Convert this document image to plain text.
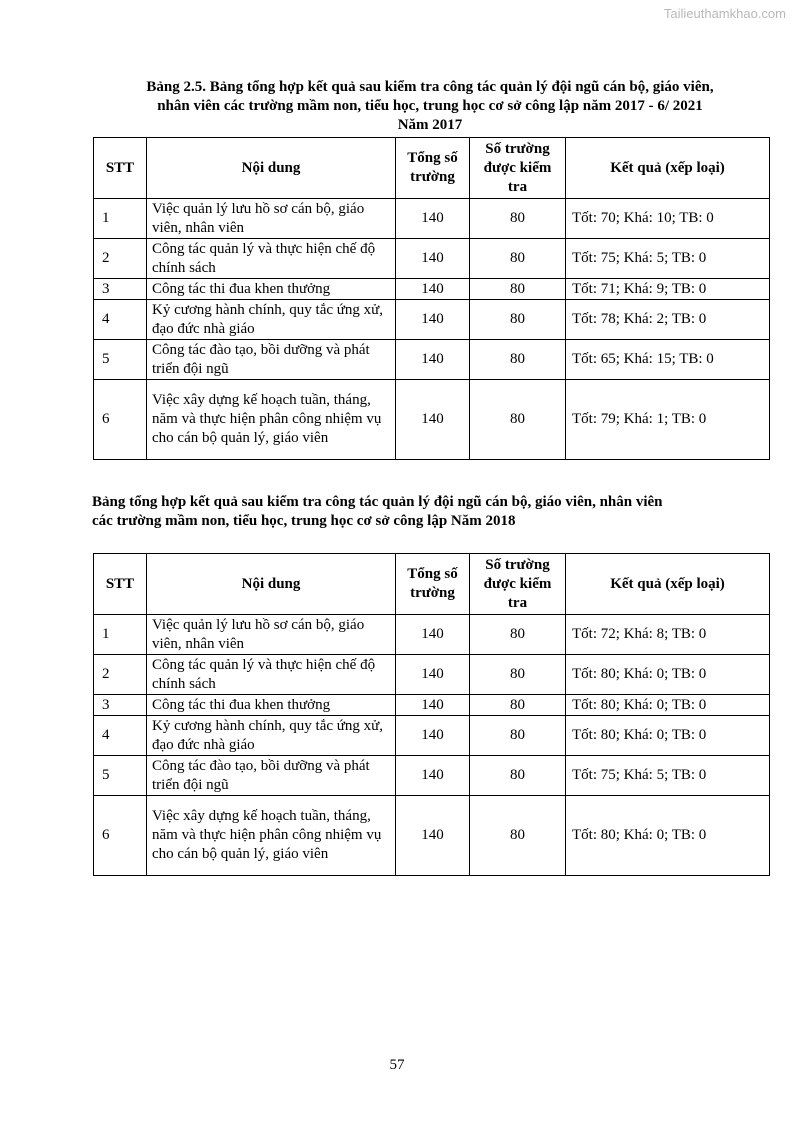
Tailieuthamkhao.com

Bảng 2.5. Bảng tổng hợp kết quả sau kiểm tra công tác quản lý đội ngũ cán bộ, giáo viên,

nhân viên các trường mầm non, tiểu học, trung học cơ sở công lập năm 2017 - 6/ 2021

Năm 2017

STT	Nội dung	Tổng số trường	Số trường được kiểm tra	Kết quả (xếp loại)
1	Việc quản lý lưu hồ sơ cán bộ, giáo viên, nhân viên	140	80	Tốt: 70; Khá: 10; TB: 0
2	Công tác quản lý và thực hiện chế độ chính sách	140	80	Tốt: 75; Khá: 5; TB: 0
3	Công tác thi đua khen thưởng	140	80	Tốt: 71; Khá: 9; TB: 0
4	Kỷ cương hành chính, quy tắc ứng xử, đạo đức nhà giáo	140	80	Tốt: 78; Khá: 2; TB: 0
5	Công tác đào tạo, bồi dưỡng và phát triển đội ngũ	140	80	Tốt: 65; Khá: 15; TB: 0
6	Việc xây dựng kế hoạch tuần, tháng, năm và thực hiện phân công nhiệm vụ cho cán bộ quản lý, giáo viên	140	80	Tốt: 79; Khá: 1; TB: 0

Bảng tổng hợp kết quả sau kiểm tra công tác quản lý đội ngũ cán bộ, giáo viên, nhân viên

các trường mầm non, tiểu học, trung học cơ sở công lập Năm 2018

STT	Nội dung	Tổng số trường	Số trường được kiểm tra	Kết quả (xếp loại)
1	Việc quản lý lưu hồ sơ cán bộ, giáo viên, nhân viên	140	80	Tốt: 72; Khá: 8; TB: 0
2	Công tác quản lý và thực hiện chế độ chính sách	140	80	Tốt: 80; Khá: 0; TB: 0
3	Công tác thi đua khen thưởng	140	80	Tốt: 80; Khá: 0; TB: 0
4	Kỷ cương hành chính, quy tắc ứng xử, đạo đức nhà giáo	140	80	Tốt: 80; Khá: 0; TB: 0
5	Công tác đào tạo, bồi dưỡng và phát triển đội ngũ	140	80	Tốt: 75; Khá: 5; TB: 0
6	Việc xây dựng kế hoạch tuần, tháng, năm và thực hiện phân công nhiệm vụ cho cán bộ quản lý, giáo viên	140	80	Tốt: 80; Khá: 0; TB: 0
57
